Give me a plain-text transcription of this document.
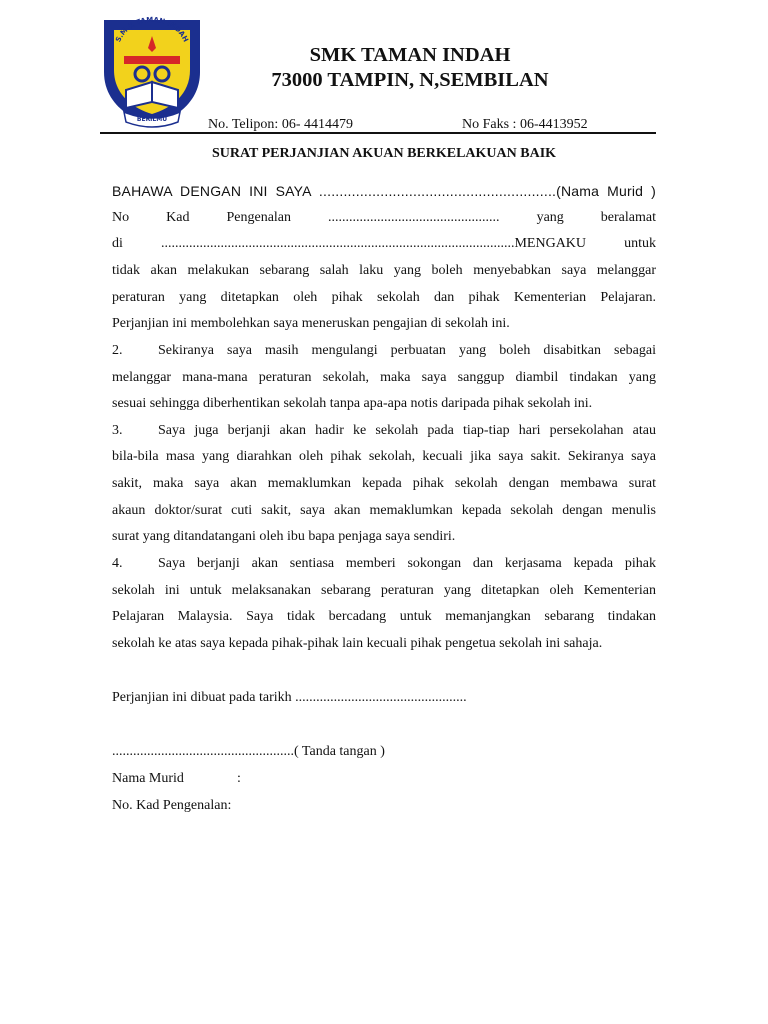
S.M.K TAMAN INDAH
BERILMU
SMK TAMAN INDAH
73000 TAMPIN, N,SEMBILAN
No. Telipon: 06- 4414479	No Faks : 06-4413952
SURAT PERJANJIAN AKUAN BERKELAKUAN BAIK
BAHAWA DENGAN INI SAYA ..........................................................(Nama Murid )
No Kad Pengenalan ................................................. yang beralamat
di .....................................................................................................MENGAKU untuk
tidak akan melakukan sebarang salah laku yang boleh menyebabkan saya melanggar
peraturan yang ditetapkan oleh pihak sekolah dan pihak Kementerian Pelajaran.
Perjanjian ini membolehkan saya meneruskan pengajian di sekolah ini.
2.	Sekiranya saya masih mengulangi perbuatan yang boleh disabitkan sebagai
melanggar mana-mana peraturan sekolah, maka saya sanggup diambil tindakan yang
sesuai sehingga diberhentikan sekolah tanpa apa-apa notis daripada pihak sekolah ini.
3.	Saya juga berjanji akan hadir ke sekolah pada tiap-tiap hari persekolahan atau
bila-bila masa yang diarahkan oleh pihak sekolah, kecuali jika saya sakit. Sekiranya saya
sakit, maka saya akan memaklumkan kepada pihak sekolah dengan membawa surat
akaun doktor/surat cuti sakit, saya akan memaklumkan kepada sekolah dengan menulis
surat yang ditandatangani oleh ibu bapa penjaga saya sendiri.
4.	Saya berjanji akan sentiasa memberi sokongan dan kerjasama kepada pihak
sekolah ini untuk melaksanakan sebarang peraturan yang ditetapkan oleh Kementerian
Pelajaran Malaysia. Saya tidak bercadang untuk memanjangkan sebarang tindakan
sekolah ke atas saya kepada pihak-pihak lain kecuali pihak pengetua sekolah ini sahaja.
Perjanjian ini dibuat pada tarikh .................................................
....................................................( Tanda tangan )
Nama Murid	:
No. Kad Pengenalan:
